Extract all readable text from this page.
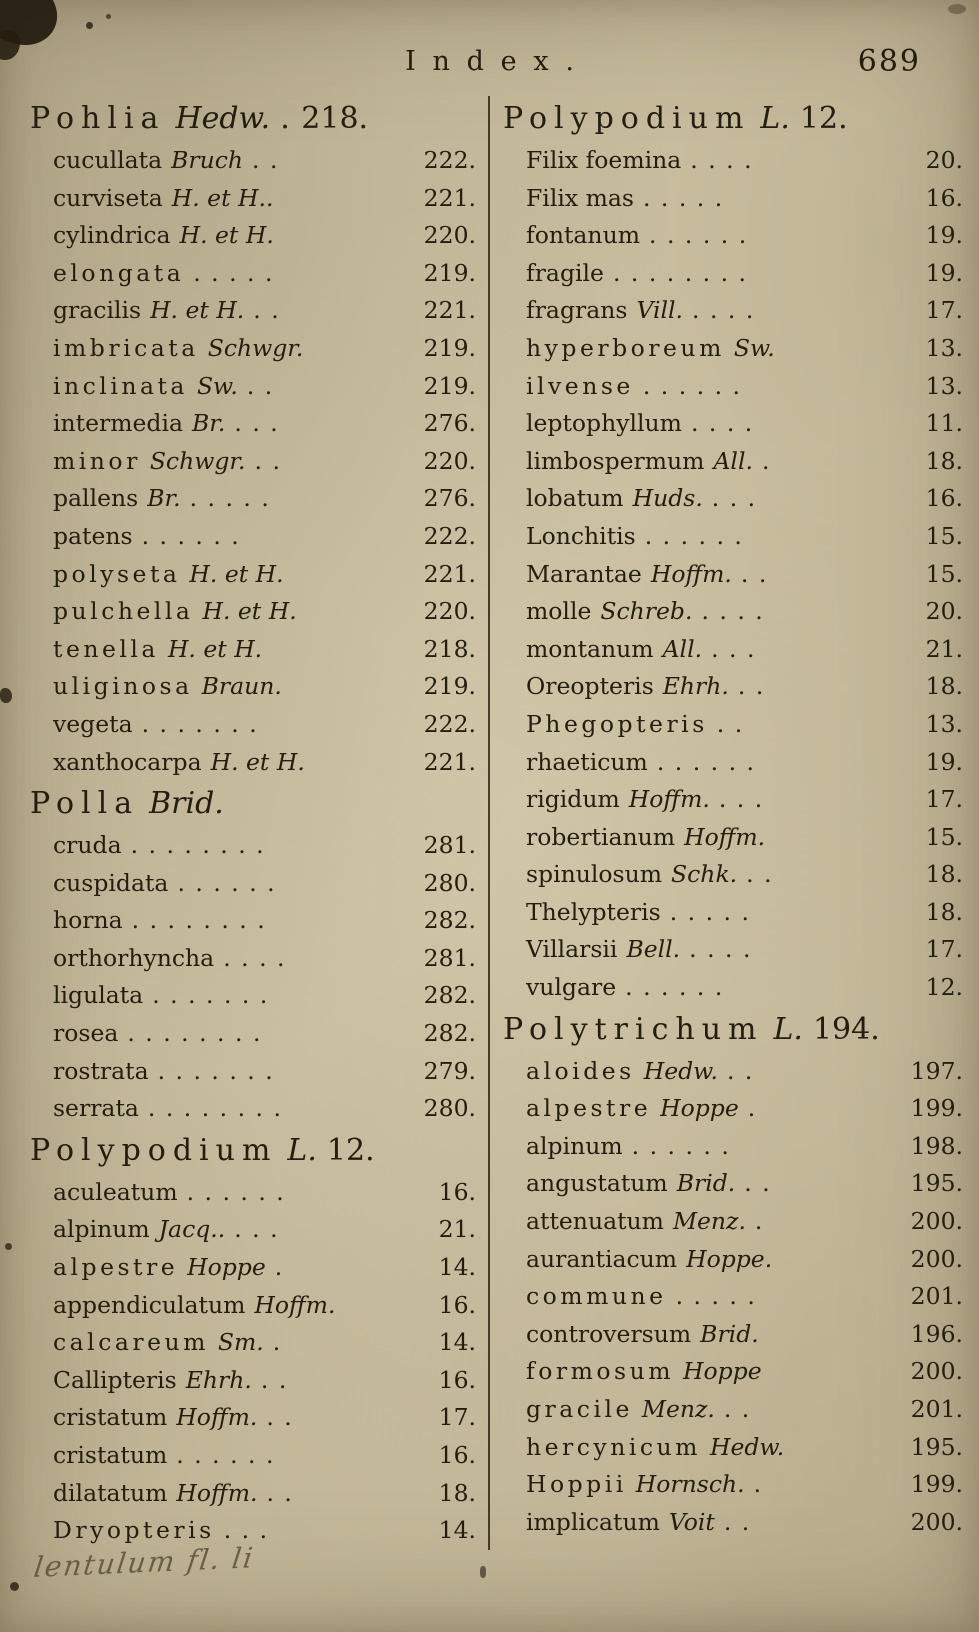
Index.	689
Pohlia Hedw. . 218.
cucullata Bruch . .	222.
curviseta H. et H..	221.
cylindrica H. et H.	220.
elongata . . . . .	219.
gracilis H. et H. . .	221.
imbricata Schwgr.	219.
inclinata Sw. . .	219.
intermedia Br. . . .	276.
minor Schwgr. . .	220.
pallens Br. . . . . .	276.
patens . . . . . .	222.
polyseta H. et H.	221.
pulchella H. et H.	220.
tenella H. et H.	218.
uliginosa Braun.	219.
vegeta . . . . . . .	222.
xanthocarpa H. et H.	221.
Polla Brid.
cruda . . . . . . . .	281.
cuspidata . . . . . .	280.
horna . . . . . . . .	282.
orthorhyncha . . . .	281.
ligulata . . . . . . .	282.
rosea . . . . . . . .	282.
rostrata . . . . . . .	279.
serrata . . . . . . . .	280.
Polypodium L. 12.
aculeatum . . . . . .	16.
alpinum Jacq.. . . .	21.
alpestre Hoppe .	14.
appendiculatum Hoffm.	16.
calcareum Sm. .	14.
Callipteris Ehrh. . .	16.
cristatum Hoffm. . .	17.
cristatum . . . . . .	16.
dilatatum Hoffm. . .	18.
Dryopteris . . .	14.
Polypodium L. 12.
Filix foemina . . . .	20.
Filix mas . . . . .	16.
fontanum . . . . . .	19.
fragile . . . . . . . .	19.
fragrans Vill. . . . .	17.
hyperboreum Sw.	13.
ilvense . . . . . .	13.
leptophyllum . . . .	11.
limbospermum All. .	18.
lobatum Huds. . . .	16.
Lonchitis . . . . . .	15.
Marantae Hoffm. . .	15.
molle Schreb. . . . .	20.
montanum All. . . .	21.
Oreopteris Ehrh. . .	18.
Phegopteris . .	13.
rhaeticum . . . . . .	19.
rigidum Hoffm. . . .	17.
robertianum Hoffm.	15.
spinulosum Schk. . .	18.
Thelypteris . . . . .	18.
Villarsii Bell. . . . .	17.
vulgare . . . . . .	12.
Polytrichum L. 194.
aloides Hedw. . .	197.
alpestre Hoppe .	199.
alpinum . . . . . .	198.
angustatum Brid. . .	195.
attenuatum Menz. .	200.
aurantiacum Hoppe.	200.
commune . . . . .	201.
controversum Brid.	196.
formosum Hoppe	200.
gracile Menz. . .	201.
hercynicum Hedw.	195.
Hoppii Hornsch. .	199.
implicatum Voit . .	200.
lentulum fl. li
